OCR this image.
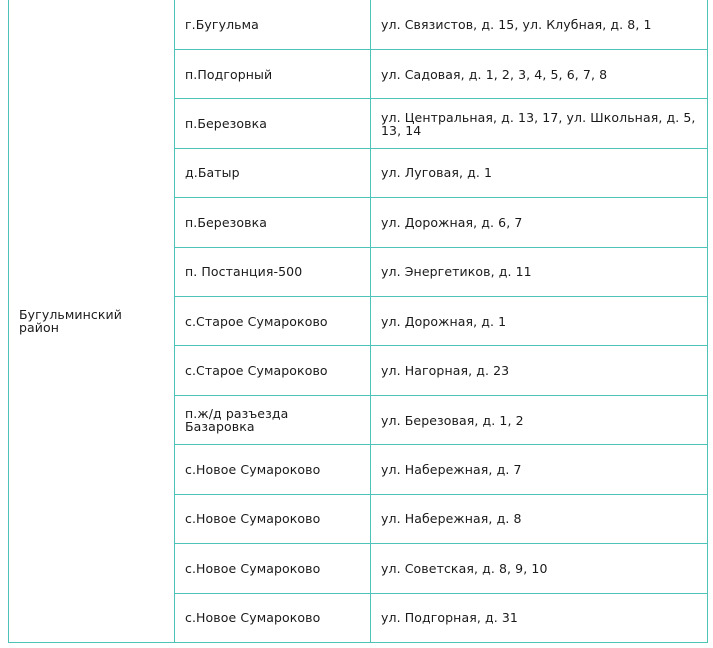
Бугульминский район	г.Бугульма	ул. Связистов, д. 15, ул. Клубная, д. 8, 1
	п.Подгорный	ул. Садовая, д. 1, 2, 3, 4, 5, 6, 7, 8
	п.Березовка	ул. Центральная, д. 13, 17, ул. Школьная, д. 5, 13, 14
	д.Батыр	ул. Луговая, д. 1
	п.Березовка	ул. Дорожная, д. 6, 7
	п. Постанция-500	ул. Энергетиков, д. 11
	с.Старое Сумароково	ул. Дорожная, д. 1
	с.Старое Сумароково	ул. Нагорная, д. 23
	п.ж/д разъезда Базаровка	ул. Березовая, д. 1, 2
	с.Новое Сумароково	ул. Набережная, д. 7
	с.Новое Сумароково	ул. Набережная, д. 8
	с.Новое Сумароково	ул. Советская, д. 8, 9, 10
	с.Новое Сумароково	ул. Подгорная, д. 31
